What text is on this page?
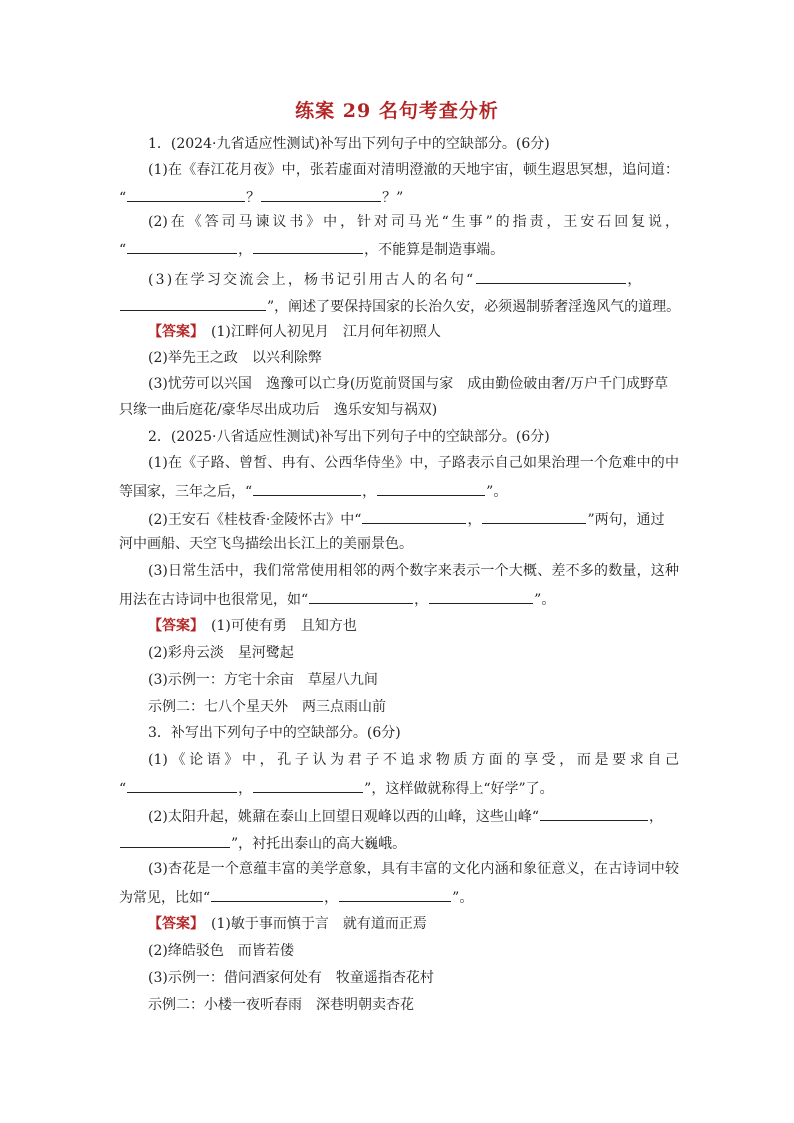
练案 29 名句考查分析
1．(2024·九省适应性测试)补写出下列句子中的空缺部分。(6分)
(1)在《春江花月夜》中，张若虚面对清明澄澈的天地宇宙，顿生遐思冥想，追问道：
“	？	？”
(2)在《答司马谏议书》中，针对司马光“生事”的指责，王安石回复说，
“	，	，不能算是制造事端。
(3)在学习交流会上，杨书记引用古人的名句“	，
”，阐述了要保持国家的长治久安，必须遏制骄奢淫逸风气的道理。
【答案】　 (1)江畔何人初见月　江月何年初照人
(2)举先王之政　以兴利除弊
(3)忧劳可以兴国　逸豫可以亡身(历览前贤国与家　成由勤俭破由奢/万户千门成野草
只缘一曲后庭花/豪华尽出成功后　逸乐安知与祸双)
2．(2025·八省适应性测试)补写出下列句子中的空缺部分。(6分)
(1)在《子路、曾皙、冉有、公西华侍坐》中，子路表示自己如果治理一个危难中的中
等国家，三年之后，“	，	”。
(2)王安石《桂枝香·金陵怀古》中“	，	”两句，通过
河中画船、天空飞鸟描绘出长江上的美丽景色。
(3)日常生活中，我们常常使用相邻的两个数字来表示一个大概、差不多的数量，这种
用法在古诗词中也很常见，如“	，	”。
【答案】　 (1)可使有勇　且知方也
(2)彩舟云淡　星河鹭起
(3)示例一：方宅十余亩　草屋八九间
示例二：七八个星天外　两三点雨山前
3．补写出下列句子中的空缺部分。(6分)
(1)《论语》中，孔子认为君子不追求物质方面的享受，而是要求自己
“	，	”，这样做就称得上“好学”了。
(2)太阳升起，姚鼐在泰山上回望日观峰以西的山峰，这些山峰“	，
”，衬托出泰山的高大巍峨。
(3)杏花是一个意蕴丰富的美学意象，具有丰富的文化内涵和象征意义，在古诗词中较
为常见，比如“	，	”。
【答案】　 (1)敏于事而慎于言　就有道而正焉
(2)绛皓驳色　而皆若偻
(3)示例一：借问酒家何处有　牧童遥指杏花村
示例二：小楼一夜听春雨　深巷明朝卖杏花
